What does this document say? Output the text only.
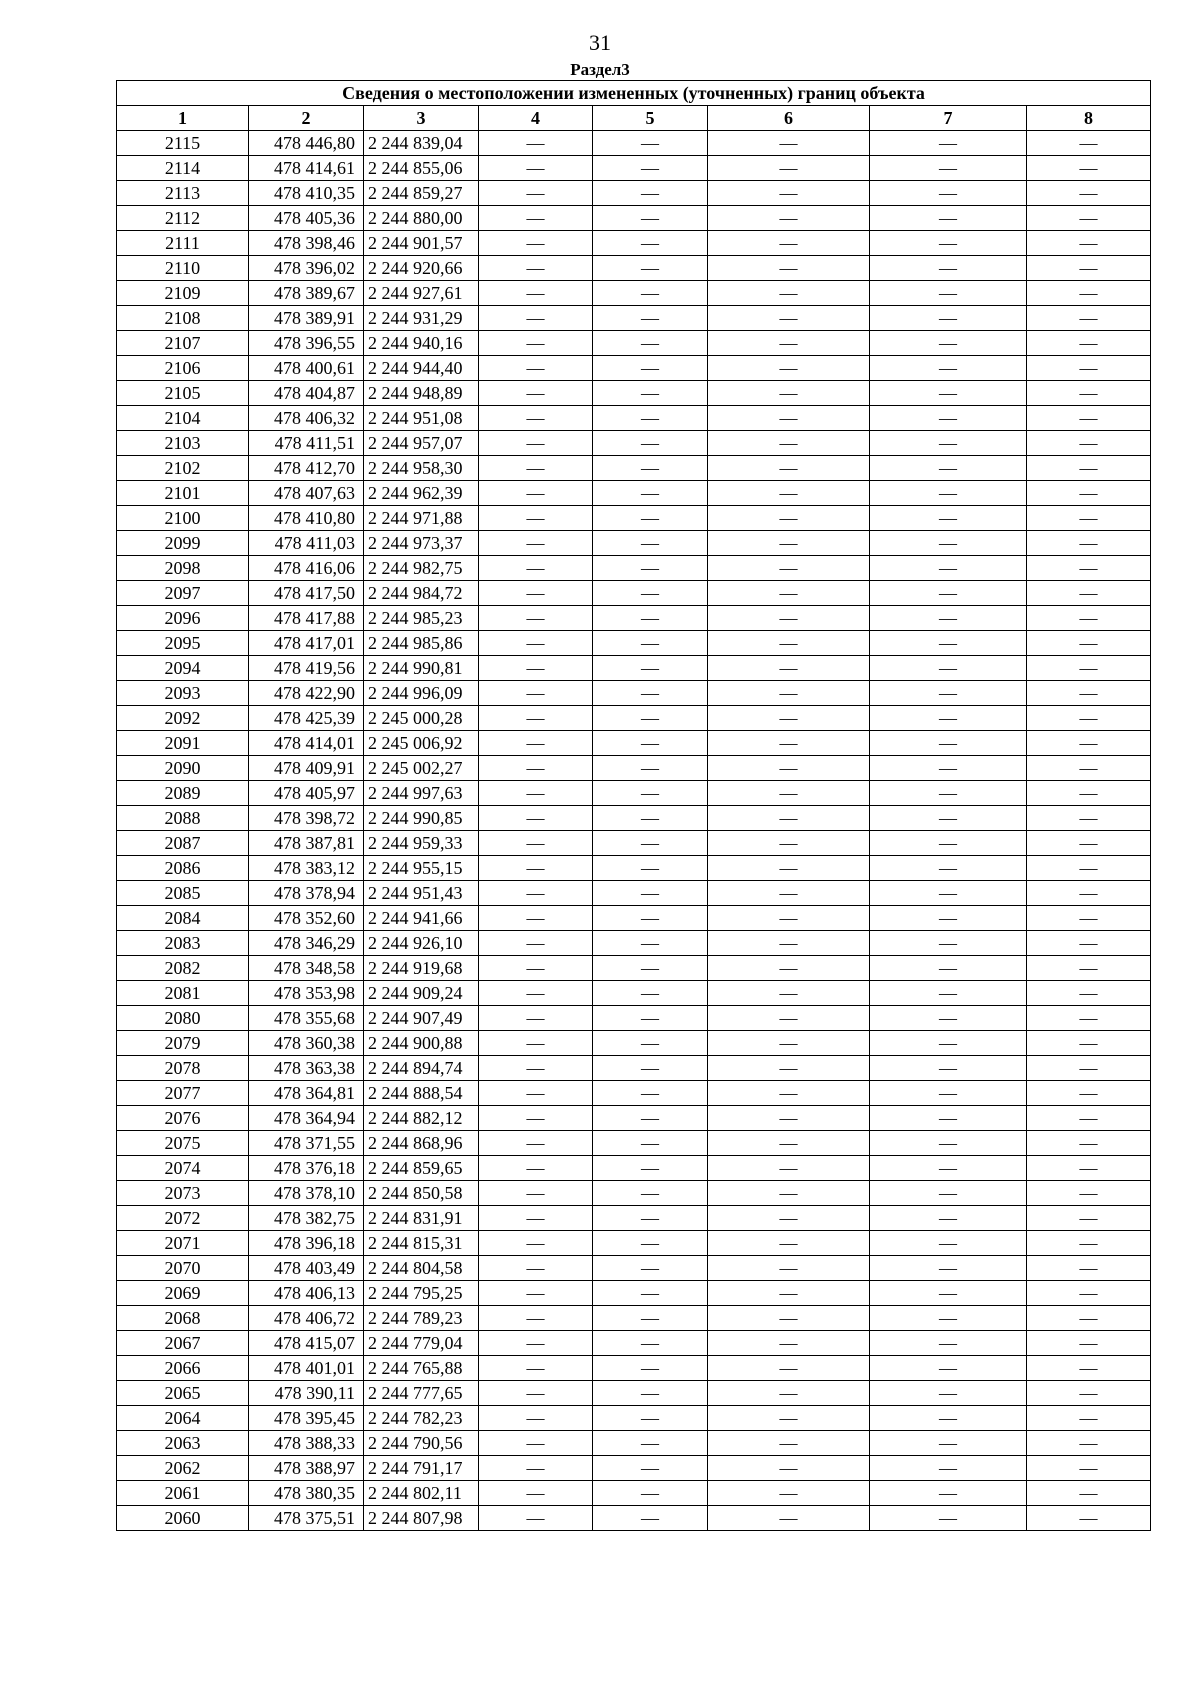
31
Раздел3
Сведения о местоположении измененных (уточненных) границ объекта							
1	2	3	4	5	6	7	8
2115	478 446,80	2 244 839,04	—	—	—	—	—
2114	478 414,61	2 244 855,06	—	—	—	—	—
2113	478 410,35	2 244 859,27	—	—	—	—	—
2112	478 405,36	2 244 880,00	—	—	—	—	—
2111	478 398,46	2 244 901,57	—	—	—	—	—
2110	478 396,02	2 244 920,66	—	—	—	—	—
2109	478 389,67	2 244 927,61	—	—	—	—	—
2108	478 389,91	2 244 931,29	—	—	—	—	—
2107	478 396,55	2 244 940,16	—	—	—	—	—
2106	478 400,61	2 244 944,40	—	—	—	—	—
2105	478 404,87	2 244 948,89	—	—	—	—	—
2104	478 406,32	2 244 951,08	—	—	—	—	—
2103	478 411,51	2 244 957,07	—	—	—	—	—
2102	478 412,70	2 244 958,30	—	—	—	—	—
2101	478 407,63	2 244 962,39	—	—	—	—	—
2100	478 410,80	2 244 971,88	—	—	—	—	—
2099	478 411,03	2 244 973,37	—	—	—	—	—
2098	478 416,06	2 244 982,75	—	—	—	—	—
2097	478 417,50	2 244 984,72	—	—	—	—	—
2096	478 417,88	2 244 985,23	—	—	—	—	—
2095	478 417,01	2 244 985,86	—	—	—	—	—
2094	478 419,56	2 244 990,81	—	—	—	—	—
2093	478 422,90	2 244 996,09	—	—	—	—	—
2092	478 425,39	2 245 000,28	—	—	—	—	—
2091	478 414,01	2 245 006,92	—	—	—	—	—
2090	478 409,91	2 245 002,27	—	—	—	—	—
2089	478 405,97	2 244 997,63	—	—	—	—	—
2088	478 398,72	2 244 990,85	—	—	—	—	—
2087	478 387,81	2 244 959,33	—	—	—	—	—
2086	478 383,12	2 244 955,15	—	—	—	—	—
2085	478 378,94	2 244 951,43	—	—	—	—	—
2084	478 352,60	2 244 941,66	—	—	—	—	—
2083	478 346,29	2 244 926,10	—	—	—	—	—
2082	478 348,58	2 244 919,68	—	—	—	—	—
2081	478 353,98	2 244 909,24	—	—	—	—	—
2080	478 355,68	2 244 907,49	—	—	—	—	—
2079	478 360,38	2 244 900,88	—	—	—	—	—
2078	478 363,38	2 244 894,74	—	—	—	—	—
2077	478 364,81	2 244 888,54	—	—	—	—	—
2076	478 364,94	2 244 882,12	—	—	—	—	—
2075	478 371,55	2 244 868,96	—	—	—	—	—
2074	478 376,18	2 244 859,65	—	—	—	—	—
2073	478 378,10	2 244 850,58	—	—	—	—	—
2072	478 382,75	2 244 831,91	—	—	—	—	—
2071	478 396,18	2 244 815,31	—	—	—	—	—
2070	478 403,49	2 244 804,58	—	—	—	—	—
2069	478 406,13	2 244 795,25	—	—	—	—	—
2068	478 406,72	2 244 789,23	—	—	—	—	—
2067	478 415,07	2 244 779,04	—	—	—	—	—
2066	478 401,01	2 244 765,88	—	—	—	—	—
2065	478 390,11	2 244 777,65	—	—	—	—	—
2064	478 395,45	2 244 782,23	—	—	—	—	—
2063	478 388,33	2 244 790,56	—	—	—	—	—
2062	478 388,97	2 244 791,17	—	—	—	—	—
2061	478 380,35	2 244 802,11	—	—	—	—	—
2060	478 375,51	2 244 807,98	—	—	—	—	—
